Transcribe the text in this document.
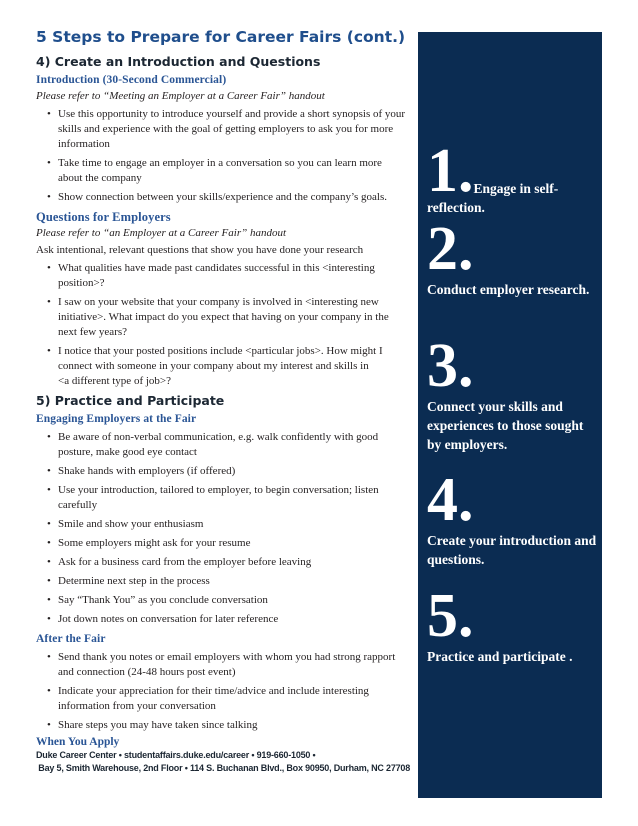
5 Steps to Prepare for Career Fairs (cont.)
4) Create an Introduction and Questions
Introduction (30-Second Commercial)
Please refer to “Meeting an Employer at a Career Fair” handout
• Use this opportunity to introduce yourself and provide a short synopsis of your skills and experience with the goal of getting employers to ask you for more information
• Take time to engage an employer in a conversation so you can learn more about the company
• Show connection between your skills/experience and the company’s goals.
Questions for Employers
Please refer to “an Employer at a Career Fair” handout

Ask intentional, relevant questions that show you have done your research

• What qualities have made past candidates successful in this <interesting position>?
• I saw on your website that your company is involved in <interesting new initiative>. What impact do you expect that having on your company in the next few years?
• I notice that your posted positions include <particular jobs>. How might I connect with someone in your company about my interest and skills in
<a different type of job>?
5) Practice and Participate
Engaging Employers at the Fair
• Be aware of non-verbal communication, e.g. walk confidently with good posture, make good eye contact
• Shake hands with employers (if offered)
• Use your introduction, tailored to employer, to begin conversation; listen carefully
• Smile and show your enthusiasm
• Some employers might ask for your resume
• Ask for a business card from the employer before leaving
• Determine next step in the process
• Say “Thank You” as you conclude conversation
• Jot down notes on conversation for later reference
After the Fair
• Send thank you notes or email employers with whom you had strong rapport and connection (24-48 hours post event)
• Indicate your appreciation for their time/advice and include interesting information from your conversation
• Share steps you may have taken since talking
When You Apply
Duke Career Center • studentaffairs.duke.edu/career • 919-660-1050 •
Bay 5, Smith Warehouse, 2nd Floor • 114 S. Buchanan Blvd., Box 90950, Durham, NC 27708
1.Engage in self-reflection.
2.
Conduct employer research.
3.
Connect your skills and experiences to those sought by employers.
4.
Create your introduction and questions.
5.
Practice and participate .
